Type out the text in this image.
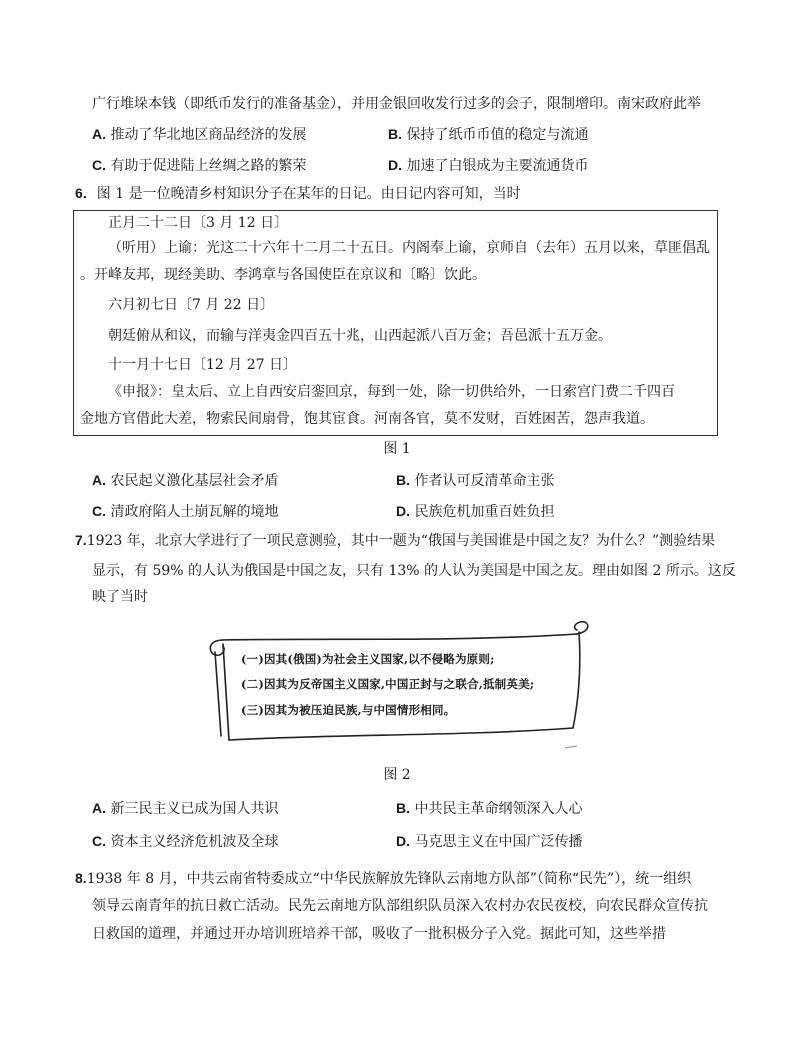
广行堆垛本钱（即纸币发行的准备基金），并用金银回收发行过多的会子，限制增印。南宋政府此举
A. 推动了华北地区商品经济的发展	B. 保持了纸币币值的稳定与流通
C. 有助于促进陆上丝绸之路的繁荣	D. 加速了白银成为主要流通货币
6．图 1 是一位晚清乡村知识分子在某年的日记。由日记内容可知，当时
正月二十二日〔3 月 12 日〕
（听用）上谕：光这二十六年十二月二十五日。内阁奉上谕，京师自（去年）五月以来，草匪倡乱
。开峰友邦，现经美助、李鸿章与各国使臣在京议和〔略〕饮此。
六月初七日〔7 月 22 日〕
朝廷俯从和议，而输与洋夷金四百五十兆，山西起派八百万金；吾邑派十五万金。
十一月十七日〔12 月 27 日〕
《申报》：皇太后、立上自西安启銮回京，每到一处，除一切供给外，一日索宫门费二千四百
金地方官借此大差，物索民间扇骨，饱其宦食。河南各官，莫不发财，百姓困苦，怨声我道。
图 1
A. 农民起义激化基层社会矛盾	B. 作者认可反清革命主张
C. 清政府陷人土崩瓦解的境地	D. 民族危机加重百姓负担
7.1923 年，北京大学进行了一项民意测验，其中一题为“俄国与美国谁是中国之友？为什么？”测验结果
显示，有 59% 的人认为俄国是中国之友，只有 13% 的人认为美国是中国之友。理由如图 2 所示。这反
映了当时
(一)因其(俄国)为社会主义国家,以不侵略为原则;
(二)因其为反帝国主义国家,中国正封与之联合,抵制英美;
(三)因其为被压迫民族,与中国情形相同。
图 2
A. 新三民主义已成为国人共识	B. 中共民主革命纲领深入人心
C. 资本主义经济危机波及全球	D. 马克思主义在中国广泛传播
8.1938 年 8 月，中共云南省特委成立“中华民族解放先锋队云南地方队部”（简称“民先”），统一组织
领导云南青年的抗日救亡活动。民先云南地方队部组织队员深入农村办农民夜校，向农民群众宣传抗
日救国的道理，并通过开办培训班培养干部，吸收了一批积极分子入党。据此可知，这些举措
